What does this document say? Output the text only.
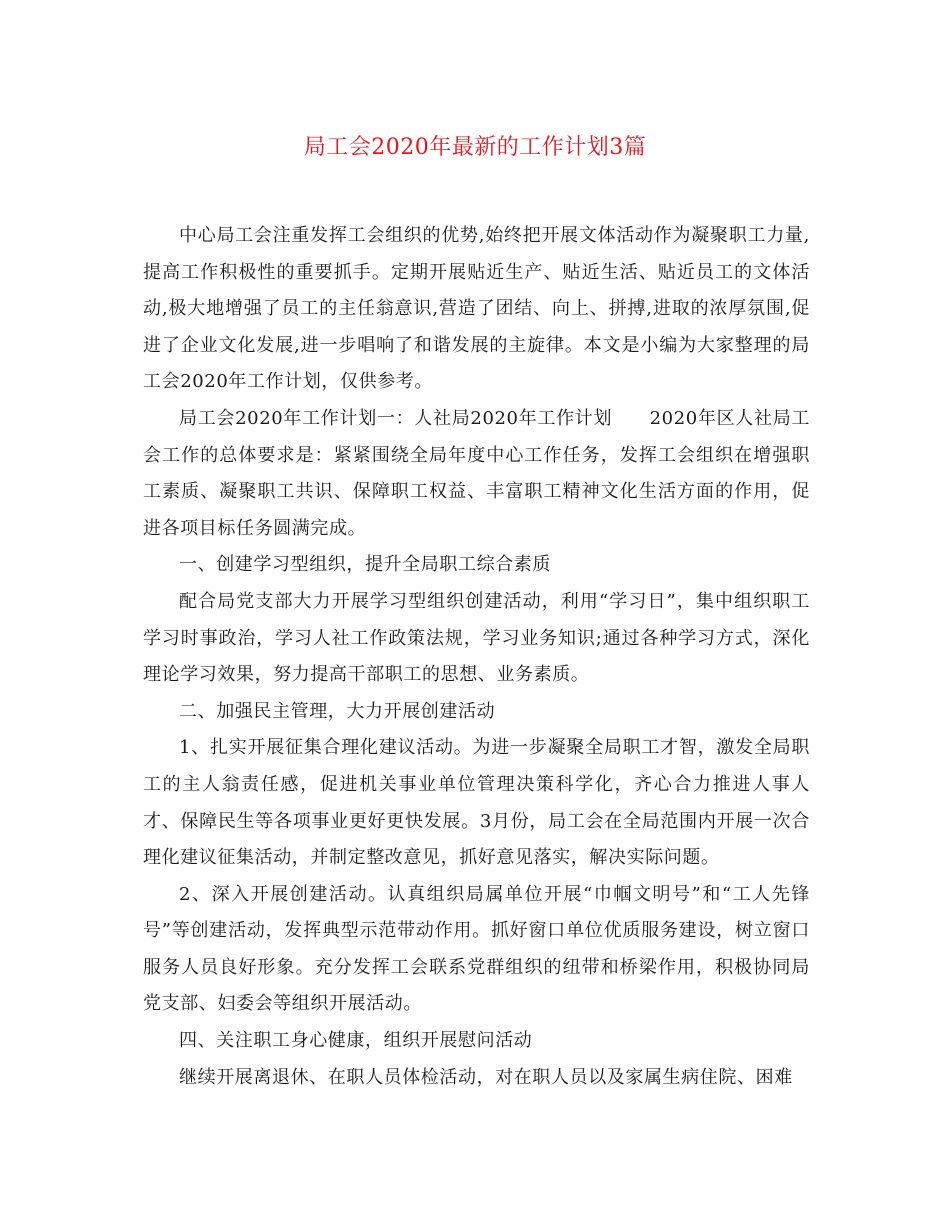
局工会2020年最新的工作计划3篇

中心局工会注重发挥工会组织的优势,始终把开展文体活动作为凝聚职工力量,提高工作积极性的重要抓手。定期开展贴近生产、贴近生活、贴近员工的文体活动,极大地增强了员工的主任翁意识,营造了团结、向上、拼搏,进取的浓厚氛围,促进了企业文化发展,进一步唱响了和谐发展的主旋律。本文是小编为大家整理的局工会2020年工作计划，仅供参考。

局工会2020年工作计划一：人社局2020年工作计划　　2020年区人社局工会工作的总体要求是：紧紧围绕全局年度中心工作任务，发挥工会组织在增强职工素质、凝聚职工共识、保障职工权益、丰富职工精神文化生活方面的作用，促进各项目标任务圆满完成。

一、创建学习型组织，提升全局职工综合素质

配合局党支部大力开展学习型组织创建活动，利用“学习日”，集中组织职工学习时事政治，学习人社工作政策法规，学习业务知识;通过各种学习方式，深化理论学习效果，努力提高干部职工的思想、业务素质。

二、加强民主管理，大力开展创建活动

1、扎实开展征集合理化建议活动。为进一步凝聚全局职工才智，激发全局职工的主人翁责任感，促进机关事业单位管理决策科学化，齐心合力推进人事人才、保障民生等各项事业更好更快发展。3月份，局工会在全局范围内开展一次合理化建议征集活动，并制定整改意见，抓好意见落实，解决实际问题。

2、深入开展创建活动。认真组织局属单位开展“巾帼文明号”和“工人先锋号”等创建活动，发挥典型示范带动作用。抓好窗口单位优质服务建设，树立窗口服务人员良好形象。充分发挥工会联系党群组织的纽带和桥梁作用，积极协同局党支部、妇委会等组织开展活动。

四、关注职工身心健康，组织开展慰问活动

继续开展离退休、在职人员体检活动，对在职人员以及家属生病住院、困难
